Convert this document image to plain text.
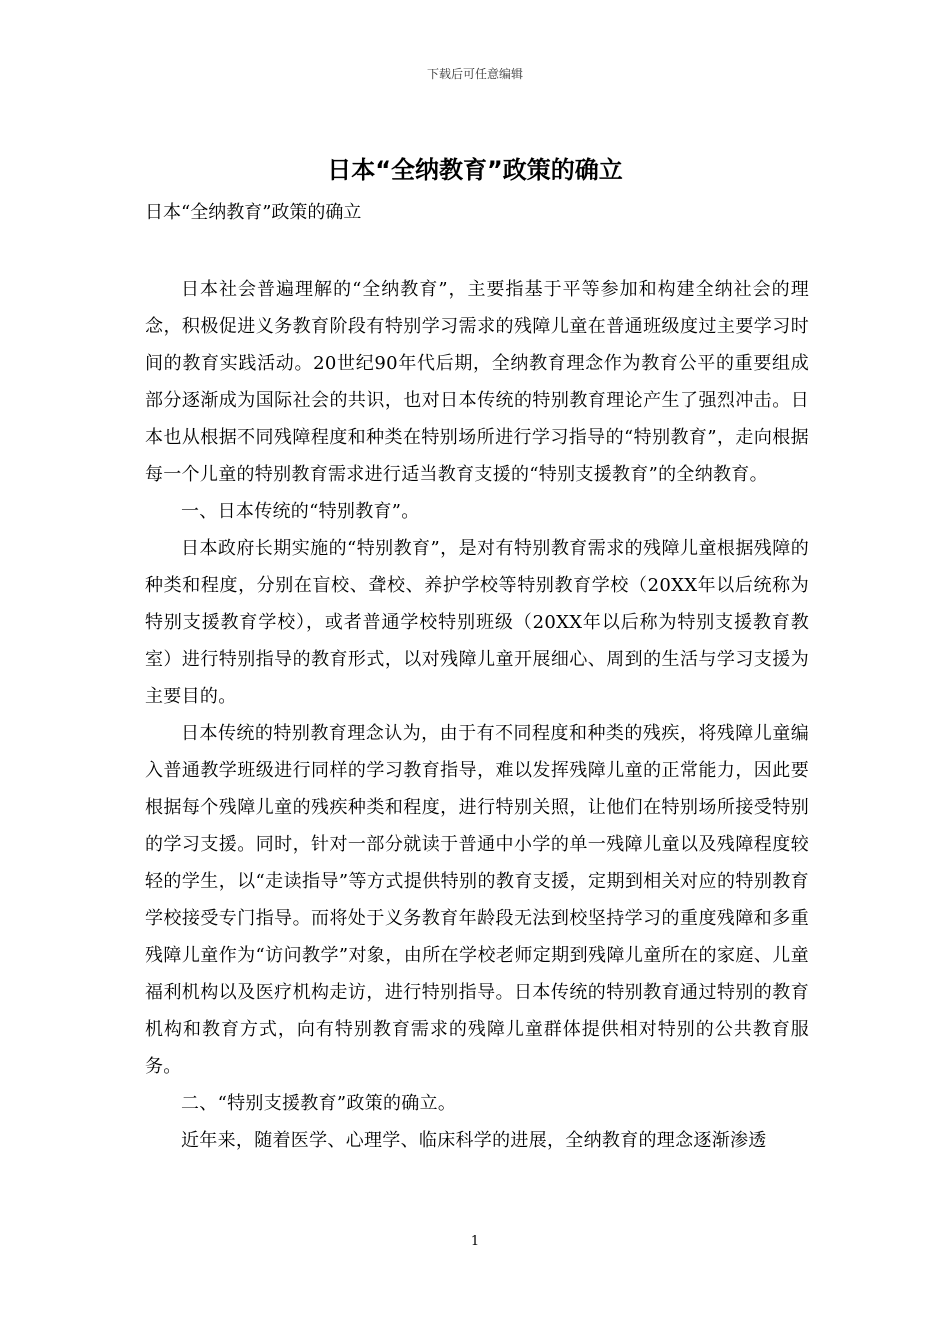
下载后可任意编辑
日本“全纳教育”政策的确立
日本“全纳教育”政策的确立

日本社会普遍理解的“全纳教育”，主要指基于平等参加和构建全纳社会的理念，积极促进义务教育阶段有特别学习需求的残障儿童在普通班级度过主要学习时间的教育实践活动。20世纪90年代后期，全纳教育理念作为教育公平的重要组成部分逐渐成为国际社会的共识，也对日本传统的特别教育理论产生了强烈冲击。日本也从根据不同残障程度和种类在特别场所进行学习指导的“特别教育”，走向根据每一个儿童的特别教育需求进行适当教育支援的“特别支援教育”的全纳教育。

一、日本传统的“特别教育”。

日本政府长期实施的“特别教育”，是对有特别教育需求的残障儿童根据残障的种类和程度，分别在盲校、聋校、养护学校等特别教育学校（20XX年以后统称为特别支援教育学校），或者普通学校特别班级（20XX年以后称为特别支援教育教室）进行特别指导的教育形式，以对残障儿童开展细心、周到的生活与学习支援为主要目的。

日本传统的特别教育理念认为，由于有不同程度和种类的残疾，将残障儿童编入普通教学班级进行同样的学习教育指导，难以发挥残障儿童的正常能力，因此要根据每个残障儿童的残疾种类和程度，进行特别关照，让他们在特别场所接受特别的学习支援。同时，针对一部分就读于普通中小学的单一残障儿童以及残障程度较轻的学生，以“走读指导”等方式提供特别的教育支援，定期到相关对应的特别教育学校接受专门指导。而将处于义务教育年龄段无法到校坚持学习的重度残障和多重残障儿童作为“访问教学”对象，由所在学校老师定期到残障儿童所在的家庭、儿童福利机构以及医疗机构走访，进行特别指导。日本传统的特别教育通过特别的教育机构和教育方式，向有特别教育需求的残障儿童群体提供相对特别的公共教育服务。

二、“特别支援教育”政策的确立。

近年来，随着医学、心理学、临床科学的进展，全纳教育的理念逐渐渗透

1
